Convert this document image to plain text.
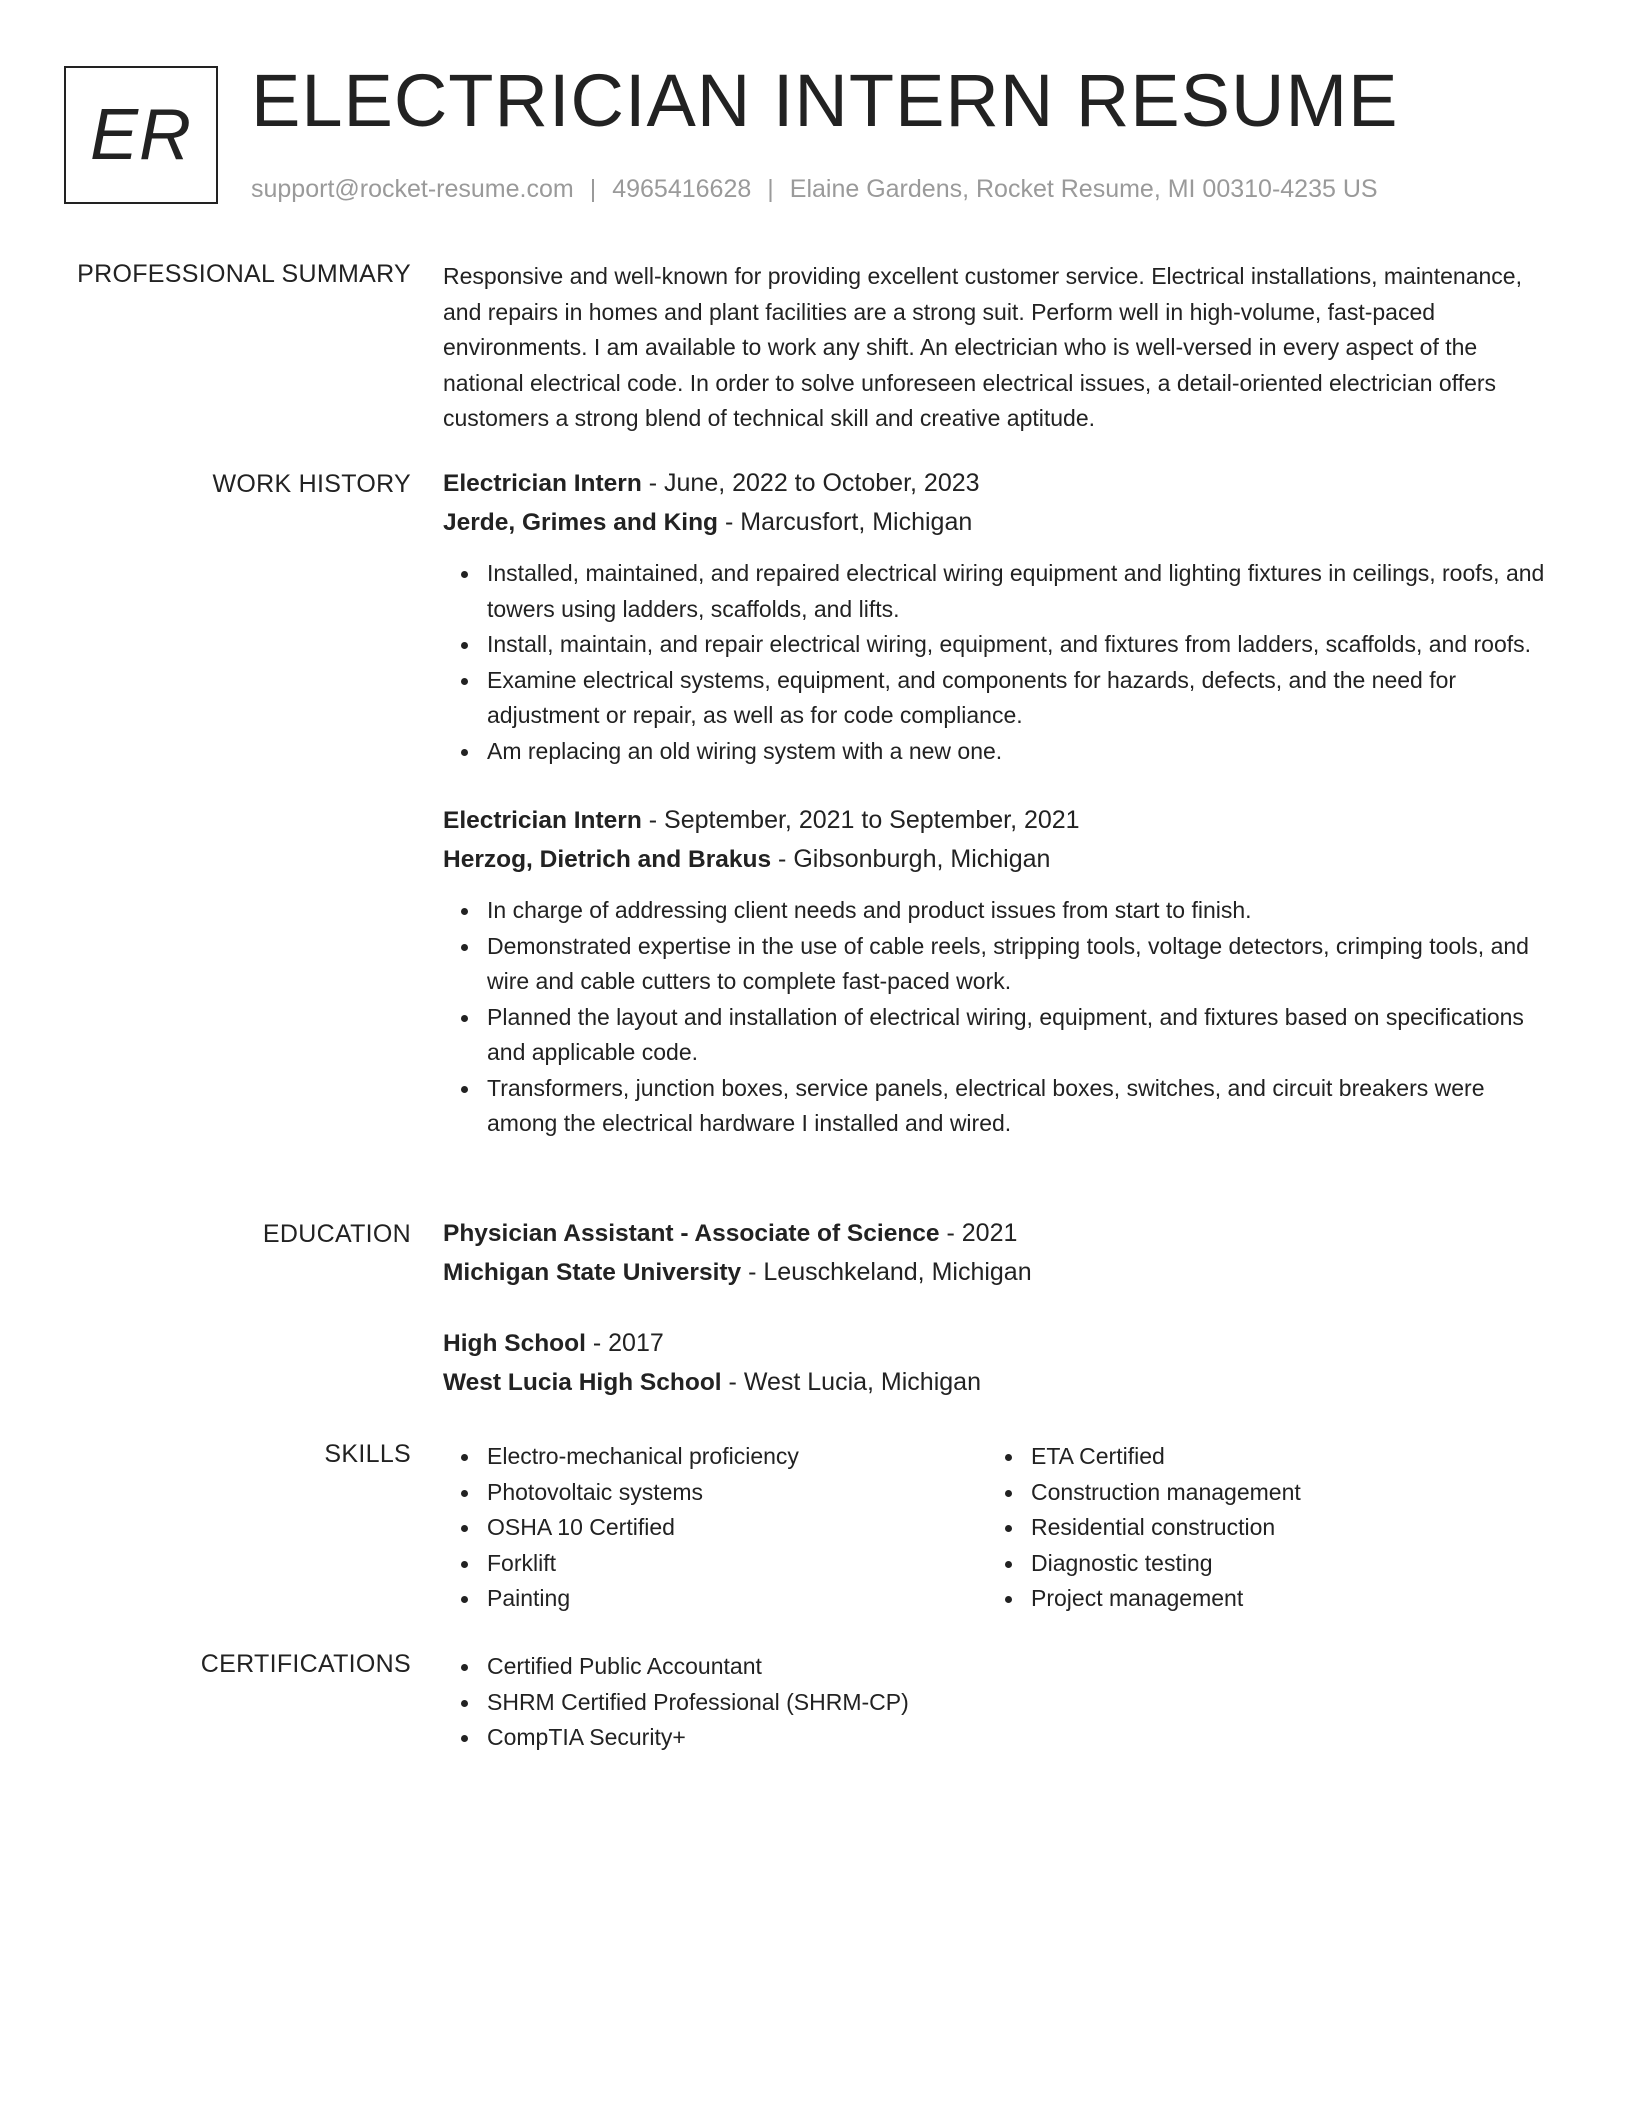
ER ELECTRICIAN INTERN RESUME
support@rocket-resume.com | 4965416628 | Elaine Gardens, Rocket Resume, MI 00310-4235 US
PROFESSIONAL SUMMARY Responsive and well-known for providing excellent customer service. Electrical installations, maintenance, and repairs in homes and plant facilities are a strong suit. Perform well in high-volume, fast-paced environments. I am available to work any shift. An electrician who is well-versed in every aspect of the national electrical code. In order to solve unforeseen electrical issues, a detail-oriented electrician offers customers a strong blend of technical skill and creative aptitude.

WORK HISTORY Electrician Intern - June, 2022 to October, 2023
Jerde, Grimes and King - Marcusfort, Michigan
Installed, maintained, and repaired electrical wiring equipment and lighting fixtures in ceilings, roofs, and towers using ladders, scaffolds, and lifts.
Install, maintain, and repair electrical wiring, equipment, and fixtures from ladders, scaffolds, and roofs.
Examine electrical systems, equipment, and components for hazards, defects, and the need for adjustment or repair, as well as for code compliance.
Am replacing an old wiring system with a new one.
Electrician Intern - September, 2021 to September, 2021
Herzog, Dietrich and Brakus - Gibsonburgh, Michigan
In charge of addressing client needs and product issues from start to finish.
Demonstrated expertise in the use of cable reels, stripping tools, voltage detectors, crimping tools, and wire and cable cutters to complete fast-paced work.
Planned the layout and installation of electrical wiring, equipment, and fixtures based on specifications and applicable code.
Transformers, junction boxes, service panels, electrical boxes, switches, and circuit breakers were among the electrical hardware I installed and wired.
EDUCATION Physician Assistant - Associate of Science - 2021
Michigan State University - Leuschkeland, Michigan
High School - 2017
West Lucia High School - West Lucia, Michigan
SKILLS	Electro-mechanical proficiency
Photovoltaic systems
OSHA 10 Certified
Forklift
Painting
ETA Certified
Construction management
Residential construction
Diagnostic testing
Project management
CERTIFICATIONS	Certified Public Accountant
SHRM Certified Professional (SHRM-CP)
CompTIA Security+
